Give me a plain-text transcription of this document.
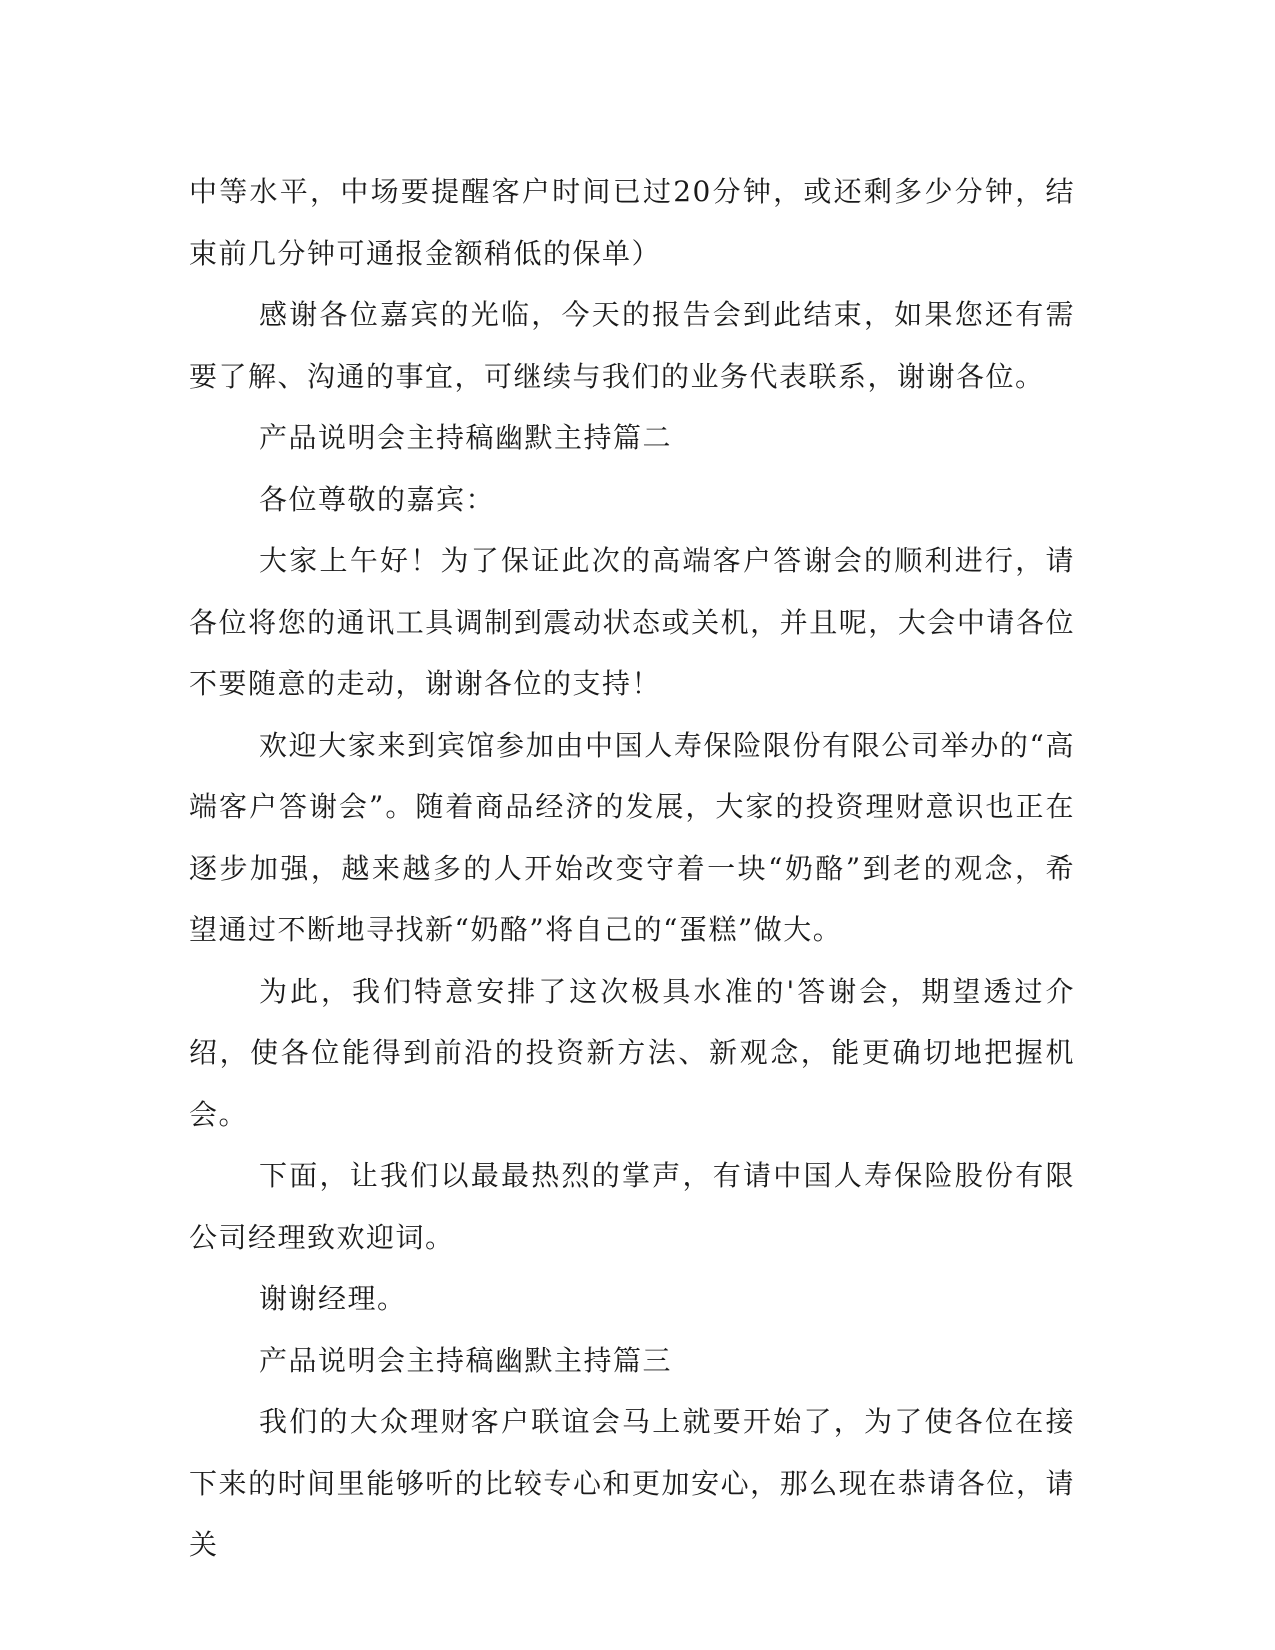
中等水平，中场要提醒客户时间已过20分钟，或还剩多少分钟，结束前几分钟可通报金额稍低的保单）

感谢各位嘉宾的光临，今天的报告会到此结束，如果您还有需要了解、沟通的事宜，可继续与我们的业务代表联系，谢谢各位。

产品说明会主持稿幽默主持篇二

各位尊敬的嘉宾：

大家上午好！为了保证此次的高端客户答谢会的顺利进行，请各位将您的通讯工具调制到震动状态或关机，并且呢，大会中请各位不要随意的走动，谢谢各位的支持！

欢迎大家来到宾馆参加由中国人寿保险限份有限公司举办的“高端客户答谢会”。随着商品经济的发展，大家的投资理财意识也正在逐步加强，越来越多的人开始改变守着一块“奶酪”到老的观念，希望通过不断地寻找新“奶酪”将自己的“蛋糕”做大。

为此，我们特意安排了这次极具水准的'答谢会，期望透过介绍，使各位能得到前沿的投资新方法、新观念，能更确切地把握机会。

下面，让我们以最最热烈的掌声，有请中国人寿保险股份有限公司经理致欢迎词。

谢谢经理。

产品说明会主持稿幽默主持篇三

我们的大众理财客户联谊会马上就要开始了，为了使各位在接下来的时间里能够听的比较专心和更加安心，那么现在恭请各位，请关
